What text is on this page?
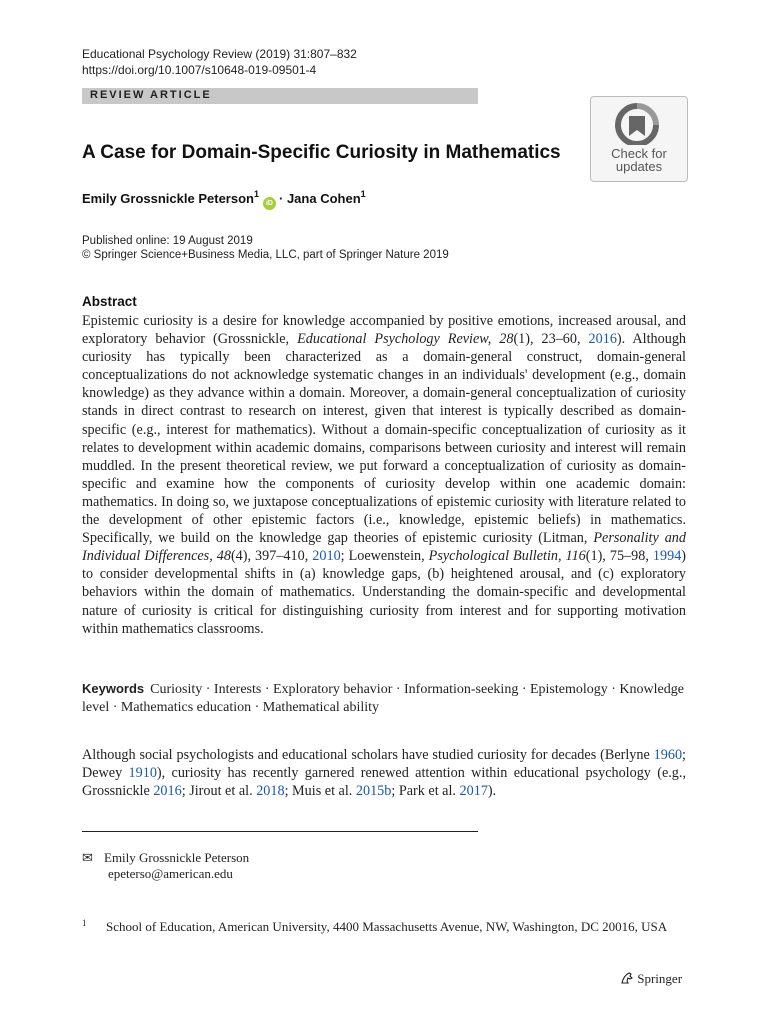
Educational Psychology Review (2019) 31:807–832
https://doi.org/10.1007/s10648-019-09501-4
REVIEW ARTICLE
A Case for Domain-Specific Curiosity in Mathematics	Check for
updates
Emily Grossnickle Peterson$^1$iD · Jana Cohen$^1$
Published online: 19 August 2019
© Springer Science+Business Media, LLC, part of Springer Nature 2019
Abstract

Epistemic curiosity is a desire for knowledge accompanied by positive emotions, increased arousal, and exploratory behavior (Grossnickle, Educational Psychology Review, 28(1), 23–60, 2016). Although curiosity has typically been characterized as a domain-general construct, domain-general conceptualizations do not acknowledge systematic changes in an individuals' development (e.g., domain knowledge) as they advance within a domain. Moreover, a domain-general conceptualization of curiosity stands in direct contrast to research on interest, given that interest is typically described as domain-specific (e.g., interest for mathematics). Without a domain-specific conceptualization of curiosity as it relates to development within academic domains, comparisons between curiosity and interest will remain muddled. In the present theoretical review, we put forward a conceptualization of curiosity as domain-specific and examine how the components of curiosity develop within one academic domain: mathematics. In doing so, we juxtapose conceptualizations of epistemic curiosity with literature related to the development of other epistemic factors (i.e., knowledge, epistemic beliefs) in mathematics. Specifically, we build on the knowledge gap theories of epistemic curiosity (Litman, Personality and Individual Differences, 48(4), 397–410, 2010; Loewenstein, Psychological Bulletin, 116(1), 75–98, 1994) to consider developmental shifts in (a) knowledge gaps, (b) heightened arousal, and (c) exploratory behaviors within the domain of mathematics. Understanding the domain-specific and developmental nature of curiosity is critical for distinguishing curiosity from interest and for supporting motivation within mathematics classrooms.

Keywords Curiosity · Interests · Exploratory behavior · Information-seeking · Epistemology · Knowledge level · Mathematics education · Mathematical ability
Although social psychologists and educational scholars have studied curiosity for decades (Berlyne 1960; Dewey 1910), curiosity has recently garnered renewed attention within educational psychology (e.g., Grossnickle 2016; Jirout et al. 2018; Muis et al. 2015b; Park et al. 2017).
✉ Emily Grossnickle Peterson
epeterso@american.edu
1 School of Education, American University, 4400 Massachusetts Avenue, NW, Washington, DC 20016, USA
Springer
